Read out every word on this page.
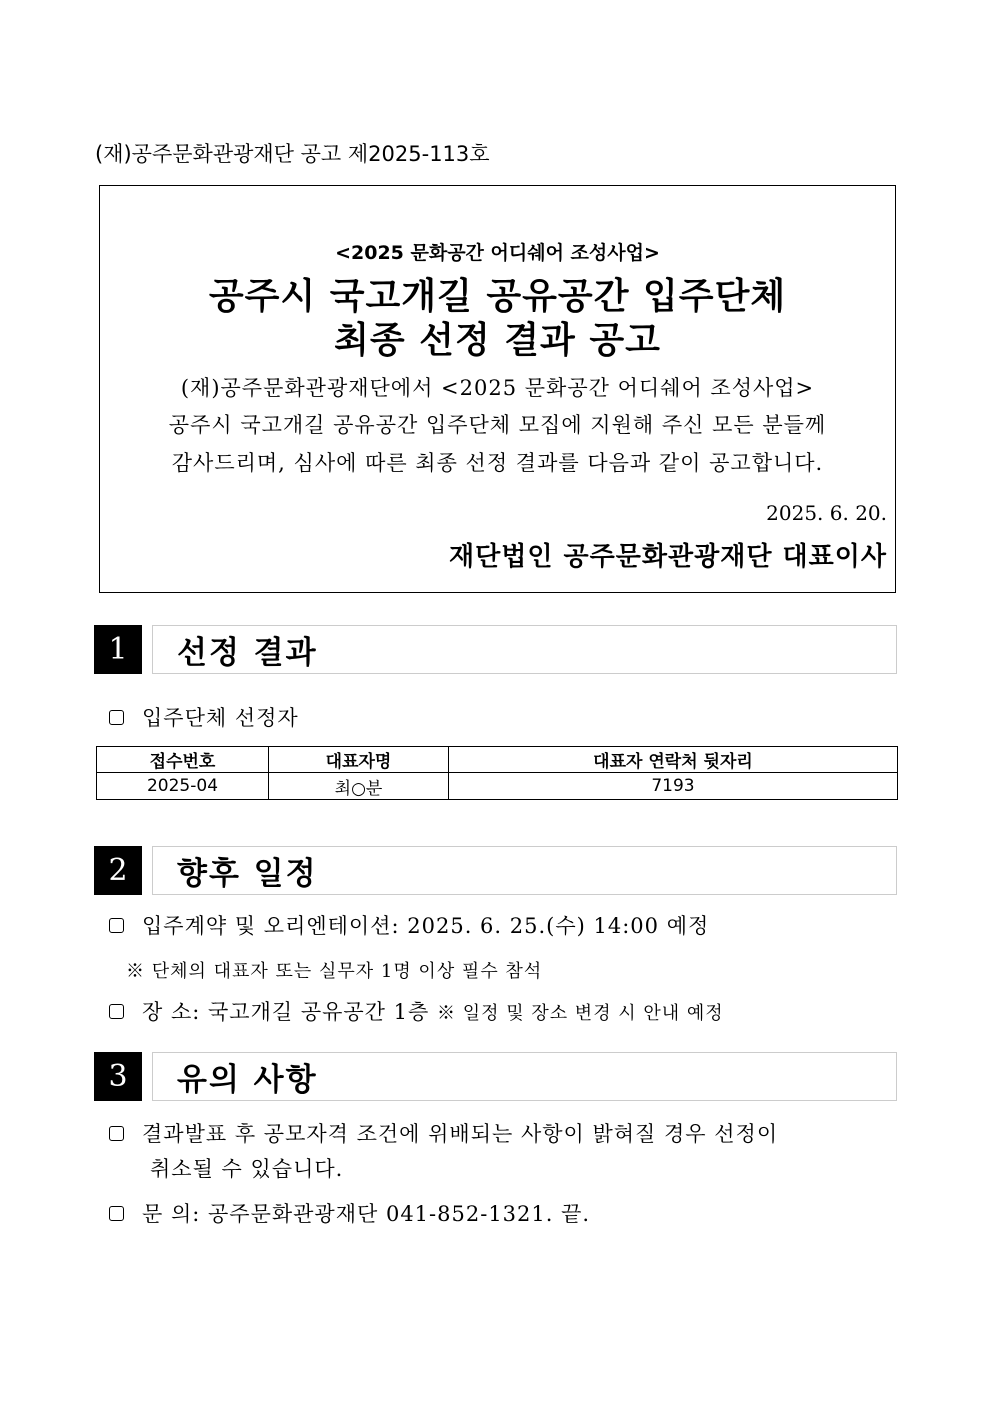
(재)공주문화관광재단 공고 제2025-113호
<2025 문화공간 어디쉐어 조성사업>
공주시 국고개길 공유공간 입주단체
최종 선정 결과 공고
(재)공주문화관광재단에서 <2025 문화공간 어디쉐어 조성사업>
공주시 국고개길 공유공간 입주단체 모집에 지원해 주신 모든 분들께
감사드리며, 심사에 따른 최종 선정 결과를 다음과 같이 공고합니다.
2025. 6. 20.
재단법인 공주문화관광재단 대표이사
1	선정 결과
입주단체 선정자
접수번호	대표자명	대표자 연락처 뒷자리
2025-04	최○분	7193
2	향후 일정
입주계약 및 오리엔테이션: 2025. 6. 25.(수) 14:00 예정
※ 단체의 대표자 또는 실무자 1명 이상 필수 참석
장 소: 국고개길 공유공간 1층 ※ 일정 및 장소 변경 시 안내 예정
3	유의 사항
결과발표 후 공모자격 조건에 위배되는 사항이 밝혀질 경우 선정이
취소될 수 있습니다.
문 의: 공주문화관광재단 041-852-1321. 끝.
